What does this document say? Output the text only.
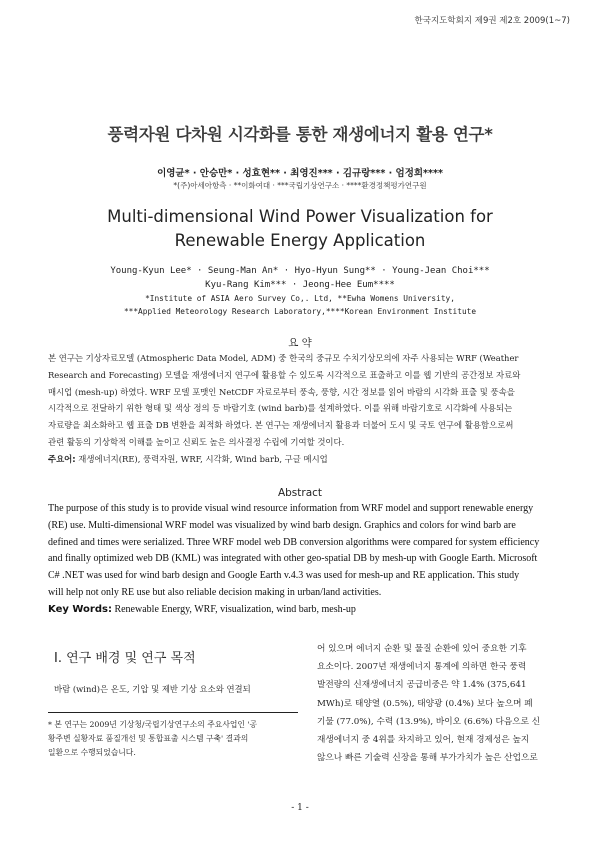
한국지도학회지 제9권 제2호 2009(1~7)
풍력자원 다차원 시각화를 통한 재생에너지 활용 연구*
이영균* · 안승만* · 성효현** · 최영진*** · 김규랑*** · 엄정희****
*(주)아세아항측 · **이화여대 · ***국립기상연구소 · ****환경정책평가연구원
Multi-dimensional Wind Power Visualization for
Renewable Energy Application
Young-Kyun Lee* · Seung-Man An* · Hyo-Hyun Sung** · Young-Jean Choi***
Kyu-Rang Kim*** · Jeong-Hee Eum****
*Institute of ASIA Aero Survey Co,. Ltd, **Ewha Womens University,
***Applied Meteorology Research Laboratory,****Korean Environment Institute
요 약
본 연구는 기상자료모델 (Atmospheric Data Model, ADM) 중 한국의 중규모 수치기상모의에 자주 사용되는 WRF (Weather
Research and Forecasting) 모델을 재생에너지 연구에 활용할 수 있도록 시각적으로 표출하고 이를 웹 기반의 공간정보 자료와
매시업 (mesh-up) 하였다. WRF 모델 포맷인 NetCDF 자료로부터 풍속, 풍향, 시간 정보를 읽어 바람의 시각화 표출 및 풍속을
시각적으로 전달하기 위한 형태 및 색상 정의 등 바람기호 (wind barb)를 설계하였다. 이를 위해 바람기호로 시각화에 사용되는
자료량을 최소화하고 웹 표출 DB 변환을 최적화 하였다. 본 연구는 재생에너지 활용과 더불어 도시 및 국토 연구에 활용함으로써
관련 활동의 기상학적 이해를 높이고 신뢰도 높은 의사결정 수립에 기여할 것이다.
주요어: 재생에너지(RE), 풍력자원, WRF, 시각화, Wind barb, 구글 메시업
Abstract
The purpose of this study is to provide visual wind resource information from WRF model and support renewable energy
(RE) use. Multi-dimensional WRF model was visualized by wind barb design. Graphics and colors for wind barb are
defined and times were serialized. Three WRF model web DB conversion algorithms were compared for system efficiency
and finally optimized web DB (KML) was integrated with other geo-spatial DB by mesh-up with Google Earth. Microsoft
C# .NET was used for wind barb design and Google Earth v.4.3 was used for mesh-up and RE application. This study
will help not only RE use but also reliable decision making in urban/land activities.
Key Words: Renewable Energy, WRF, visualization, wind barb, mesh-up
I. 연구 배경 및 연구 목적
바람 (wind)은 온도, 기압 및 제반 기상 요소와 연결되
* 본 연구는 2009년 기상청/국립기상연구소의 주요사업인 '공
황주변 실황자료 품질개선 및 통합표출 시스템 구축' 결과의
일환으로 수행되었습니다.
어 있으며 에너지 순환 및 물질 순환에 있어 중요한 기후
요소이다. 2007년 재생에너지 통계에 의하면 한국 풍력
발전량의 신재생에너지 공급비중은 약 1.4% (375,641
MWh)로 태양열 (0.5%), 태양광 (0.4%) 보다 높으며 폐
기물 (77.0%), 수력 (13.9%), 바이오 (6.6%) 다음으로 신
재생에너지 중 4위를 차지하고 있어, 현재 경제성은 높지
않으나 빠른 기술력 신장을 통해 부가가치가 높은 산업으로
- 1 -
